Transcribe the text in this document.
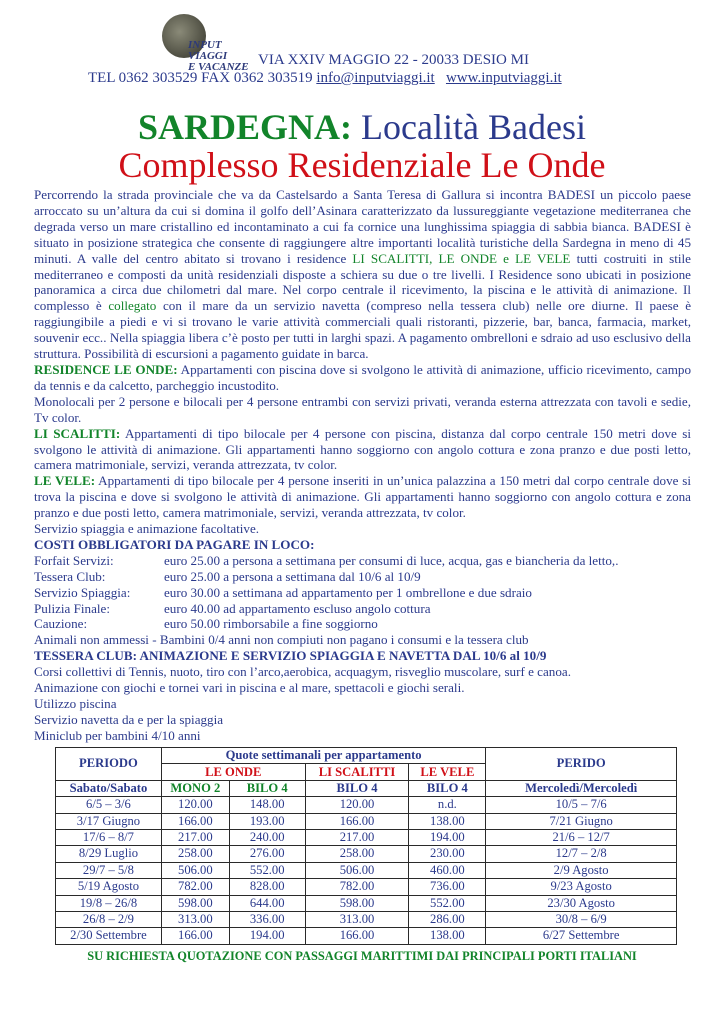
INPUT VIAGGI
E VACANZE VIA XXIV MAGGIO 22 - 20033 DESIO MI
TEL 0362 303529 FAX 0362 303519 info@inputviaggi.it www.inputviaggi.it
SARDEGNA: Località Badesi
Complesso Residenziale Le Onde

Percorrendo la strada provinciale che va da Castelsardo a Santa Teresa di Gallura si incontra BADESI un piccolo paese arroccato su un’altura da cui si domina il golfo dell’Asinara caratterizzato da lussureggiante vegetazione mediterranea che degrada verso un mare cristallino ed incontaminato a cui fa cornice una lunghissima spiaggia di sabbia bianca. BADESI è situato in posizione strategica che consente di raggiungere altre importanti località turistiche della Sardegna in meno di 45 minuti. A valle del centro abitato si trovano i residence LI SCALITTI, LE ONDE e LE VELE tutti costruiti in stile mediterraneo e composti da unità residenziali disposte a schiera su due o tre livelli. I Residence sono ubicati in posizione panoramica a circa due chilometri dal mare. Nel corpo centrale il ricevimento, la piscina e le attività di animazione. Il complesso è collegato con il mare da un servizio navetta (compreso nella tessera club) nelle ore diurne. Il paese è raggiungibile a piedi e vi si trovano le varie attività commerciali quali ristoranti, pizzerie, bar, banca, farmacia, market, souvenir ecc.. Nella spiaggia libera c’è posto per tutti in larghi spazi. A pagamento ombrelloni e sdraio ad uso esclusivo della struttura. Possibilità di escursioni a pagamento guidate in barca.

RESIDENCE LE ONDE: Appartamenti con piscina dove si svolgono le attività di animazione, ufficio ricevimento, campo da tennis e da calcetto, parcheggio incustodito.

Monolocali per 2 persone e bilocali per 4 persone entrambi con servizi privati, veranda esterna attrezzata con tavoli e sedie, Tv color.

LI SCALITTI: Appartamenti di tipo bilocale per 4 persone con piscina, distanza dal corpo centrale 150 metri dove si svolgono le attività di animazione. Gli appartamenti hanno soggiorno con angolo cottura e zona pranzo e due posti letto, camera matrimoniale, servizi, veranda attrezzata, tv color.

LE VELE: Appartamenti di tipo bilocale per 4 persone inseriti in un’unica palazzina a 150 metri dal corpo centrale dove si trova la piscina e dove si svolgono le attività di animazione. Gli appartamenti hanno soggiorno con angolo cottura e zona pranzo e due posti letto, camera matrimoniale, servizi, veranda attrezzata, tv color.

Servizio spiaggia e animazione facoltative.

COSTI OBBLIGATORI DA PAGARE IN LOCO:

Forfait Servizi:	euro 25.00 a persona a settimana per consumi di luce, acqua, gas e biancheria da letto,.
Tessera Club:	euro 25.00 a persona a settimana dal 10/6 al 10/9
Servizio Spiaggia:	euro 30.00 a settimana ad appartamento per 1 ombrellone e due sdraio
Pulizia Finale:	euro 40.00 ad appartamento escluso angolo cottura
Cauzione:	euro 50.00 rimborsabile a fine soggiorno

Animali non ammessi - Bambini 0/4 anni non compiuti non pagano i consumi e la tessera club

TESSERA CLUB: ANIMAZIONE E SERVIZIO SPIAGGIA E NAVETTA DAL 10/6 al 10/9

Corsi collettivi di Tennis, nuoto, tiro con l’arco,aerobica, acquagym, risveglio muscolare, surf e canoa.

Animazione con giochi e tornei vari in piscina e al mare, spettacoli e giochi serali.

Utilizzo piscina

Servizio navetta da e per la spiaggia

Miniclub per bambini 4/10 anni

PERIODO	Quote settimanali per appartamento				PERIDO
	LE ONDE		LI SCALITTI	LE VELE	
Sabato/Sabato	MONO 2	BILO 4	BILO 4	BILO 4	Mercoledì/Mercoledì
6/5 – 3/6	120.00	148.00	120.00	n.d.	10/5 – 7/6
3/17 Giugno	166.00	193.00	166.00	138.00	7/21 Giugno
17/6 – 8/7	217.00	240.00	217.00	194.00	21/6 – 12/7
8/29 Luglio	258.00	276.00	258.00	230.00	12/7 – 2/8
29/7 – 5/8	506.00	552.00	506.00	460.00	2/9 Agosto
5/19 Agosto	782.00	828.00	782.00	736.00	9/23 Agosto
19/8 – 26/8	598.00	644.00	598.00	552.00	23/30 Agosto
26/8 – 2/9	313.00	336.00	313.00	286.00	30/8 – 6/9
2/30 Settembre	166.00	194.00	166.00	138.00	6/27 Settembre
SU RICHIESTA QUOTAZIONE CON PASSAGGI MARITTIMI DAI PRINCIPALI PORTI ITALIANI
